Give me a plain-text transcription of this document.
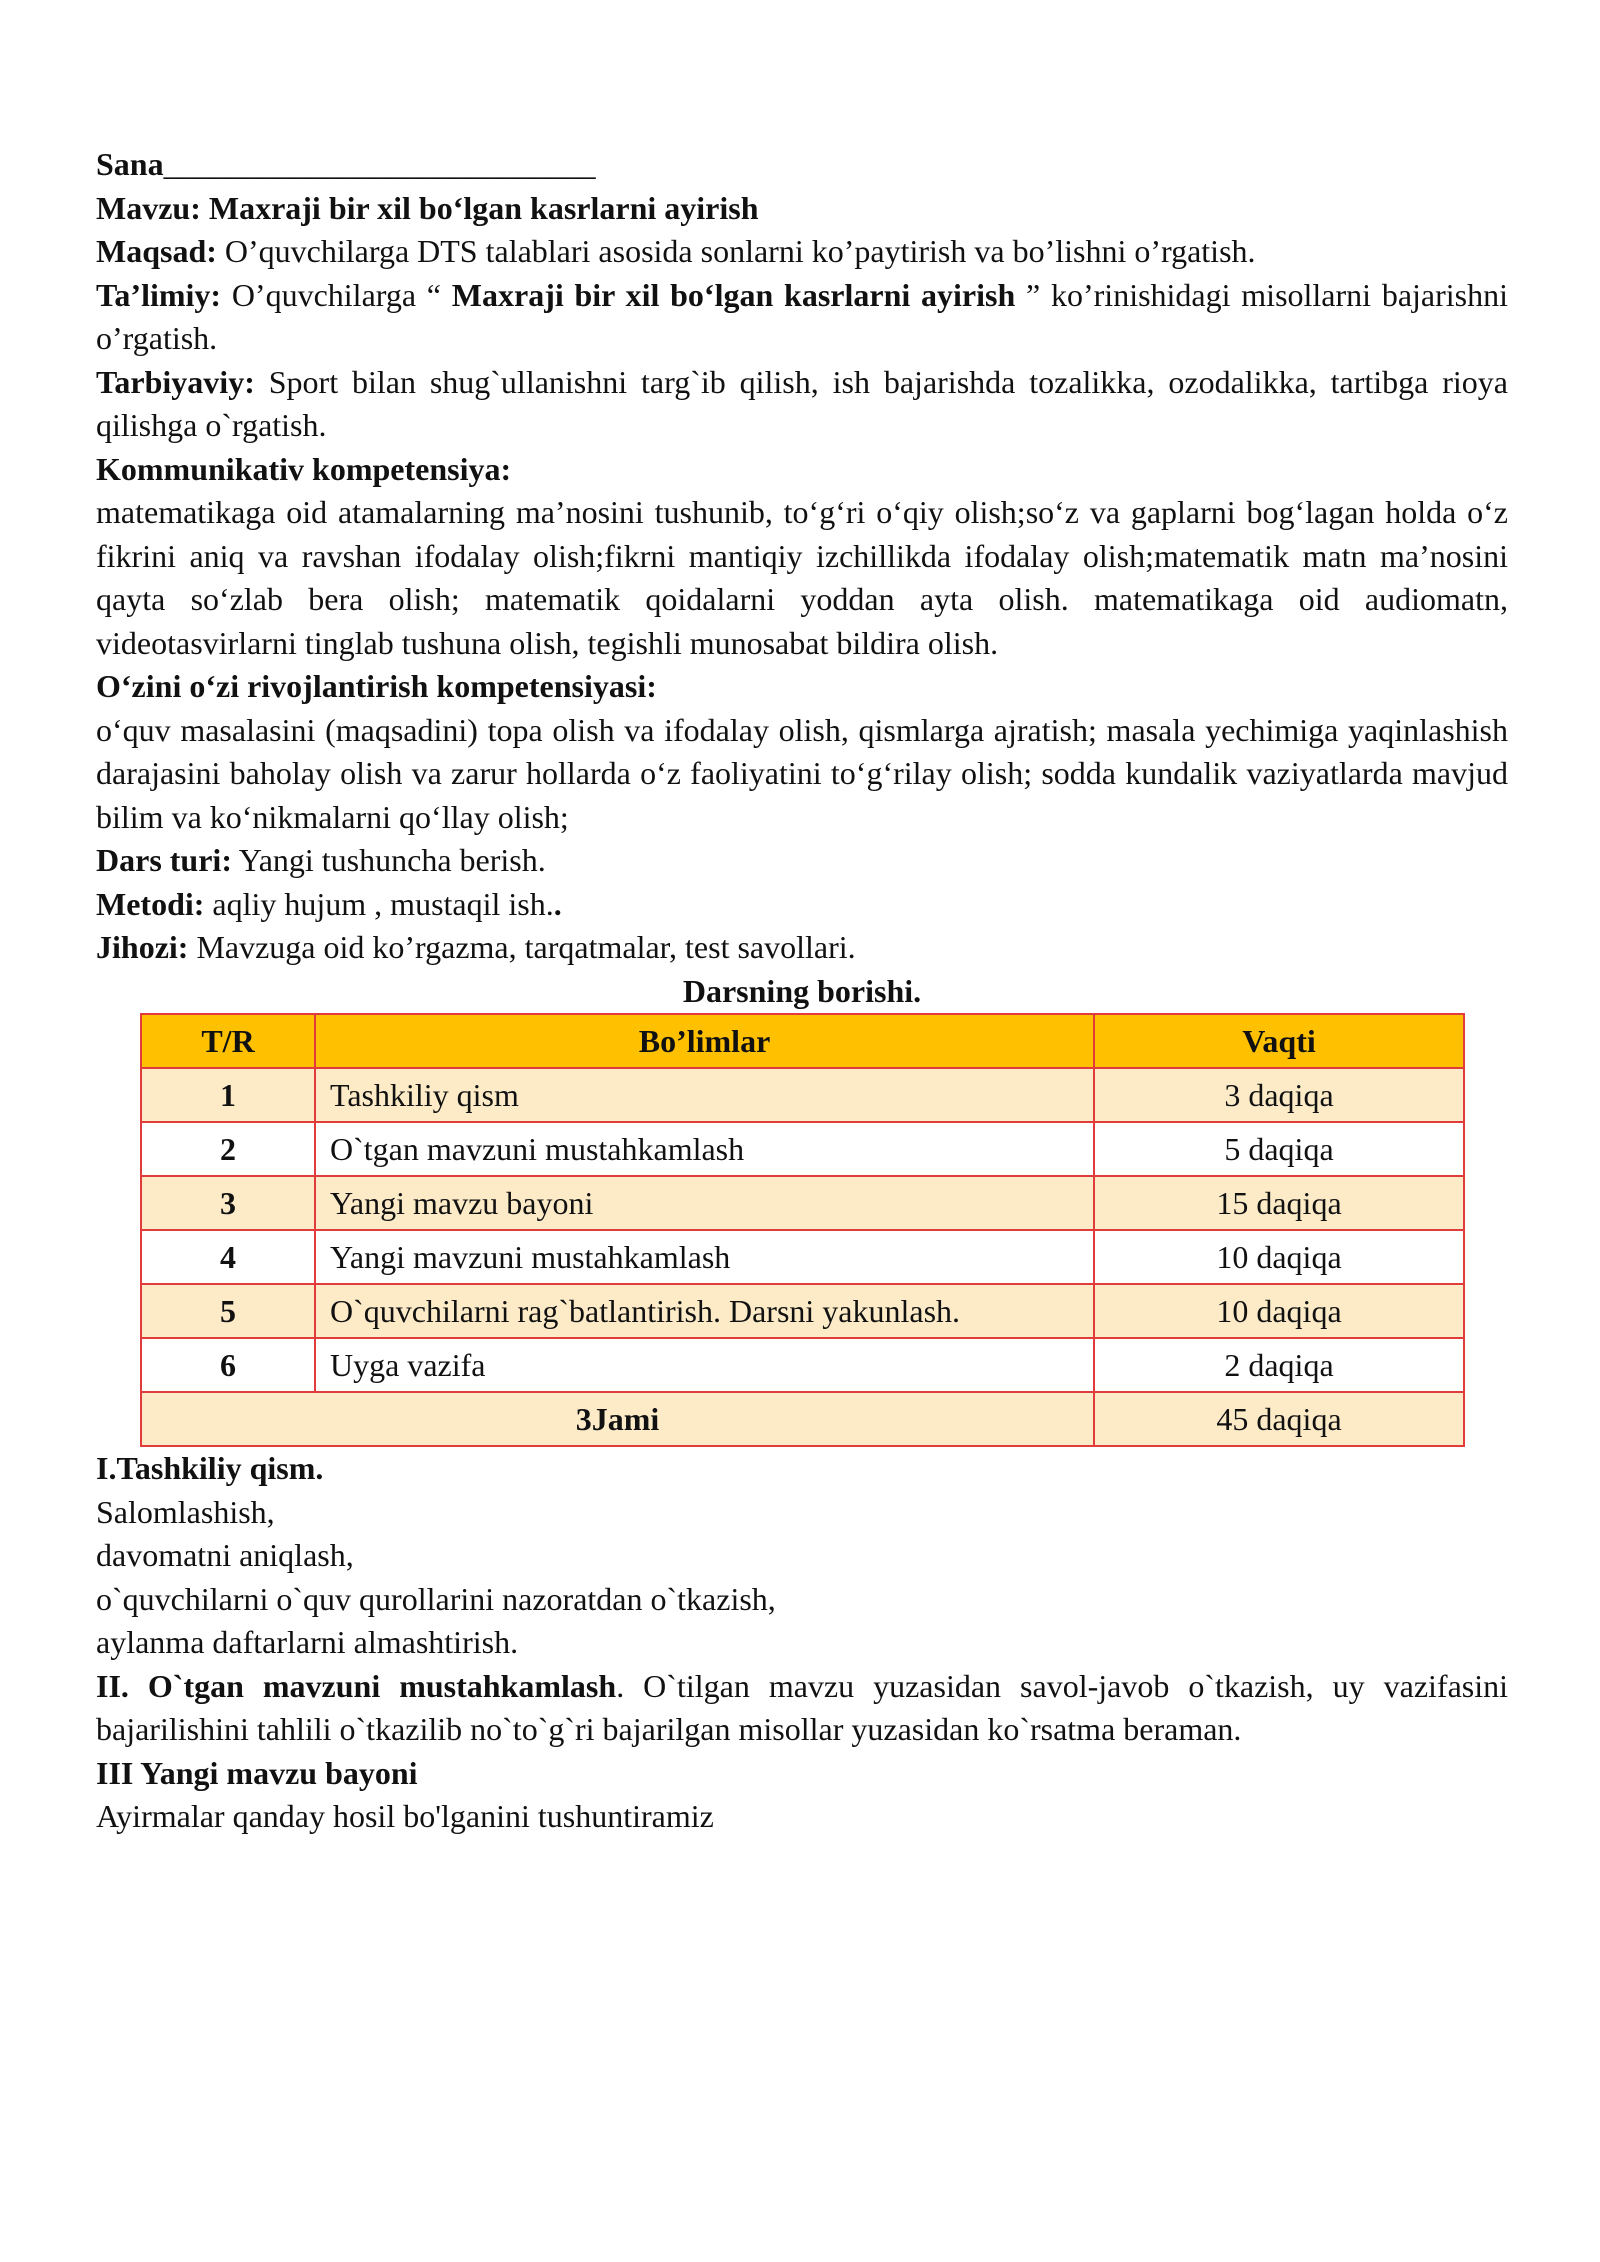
Sana___________________________

Mavzu: Maxraji bir xil bo‘lgan kasrlarni ayirish

Maqsad: O’quvchilarga DTS talablari asosida sonlarni ko’paytirish va bo’lishni o’rgatish.

Ta’limiy: O’quvchilarga “ Maxraji bir xil bo‘lgan kasrlarni ayirish ” ko’rinishidagi misollarni bajarishni o’rgatish.

Tarbiyaviy: Sport bilan shug`ullanishni targ`ib qilish, ish bajarishda tozalikka, ozodalikka, tartibga rioya qilishga o`rgatish.

Kommunikativ kompetensiya:

matematikaga oid atamalarning ma’nosini tushunib, to‘g‘ri o‘qiy olish;so‘z va gaplarni bog‘lagan holda o‘z fikrini aniq va ravshan ifodalay olish;fikrni mantiqiy izchillikda ifodalay olish;matematik matn ma’nosini qayta so‘zlab bera olish; matematik qoidalarni yoddan ayta olish. matematikaga oid audiomatn, videotasvirlarni tinglab tushuna olish, tegishli munosabat bildira olish.

O‘zini o‘zi rivojlantirish kompetensiyasi:

o‘quv masalasini (maqsadini) topa olish va ifodalay olish, qismlarga ajratish; masala yechimiga yaqinlashish darajasini baholay olish va zarur hollarda o‘z faoliyatini to‘g‘rilay olish; sodda kundalik vaziyatlarda mavjud bilim va ko‘nikmalarni qo‘llay olish;

Dars turi: Yangi tushuncha berish.

Metodi: aqliy hujum , mustaqil ish..

Jihozi: Mavzuga oid ko’rgazma, tarqatmalar, test savollari.

Darsning borishi.

T/R	Bo’limlar	Vaqti
1	Tashkiliy qism	3 daqiqa
2	O`tgan mavzuni mustahkamlash	5 daqiqa
3	Yangi mavzu bayoni	15 daqiqa
4	Yangi mavzuni mustahkamlash	10 daqiqa
5	O`quvchilarni rag`batlantirish. Darsni yakunlash.	10 daqiqa
6	Uyga vazifa	2 daqiqa
3Jami		45 daqiqa

I.Tashkiliy qism.

Salomlashish,

davomatni aniqlash,

o`quvchilarni o`quv qurollarini nazoratdan o`tkazish,

aylanma daftarlarni almashtirish.

II. O`tgan mavzuni mustahkamlash. O`tilgan mavzu yuzasidan savol-javob o`tkazish, uy vazifasini bajarilishini tahlili o`tkazilib no`to`g`ri bajarilgan misollar yuzasidan ko`rsatma beraman.

III Yangi mavzu bayoni

Ayirmalar qanday hosil bo'lganini tushuntiramiz
